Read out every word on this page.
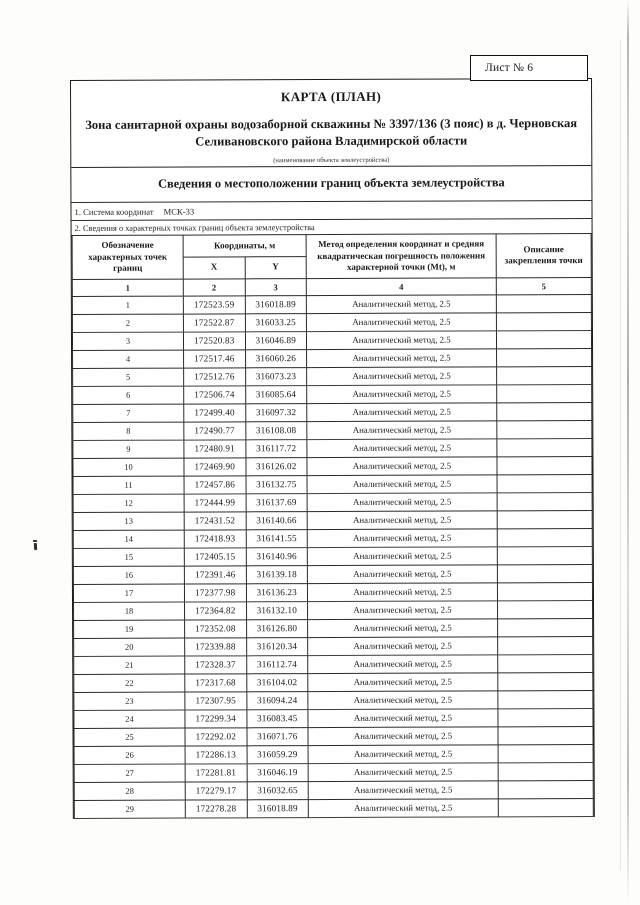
Лист № 6
КАРТА (ПЛАН)
Зона санитарной охраны водозаборной скважины № 3397/136 (3 пояс) в д. Черновская Селивановского района Владимирской области
(наименование объекта землеустройства)
Сведения о местоположении границ объекта землеустройства
1. Система координат МСК-33
2. Сведения о характерных точках границ объекта землеустройства
Обозначение характерных точек границ	Координаты, м		Метод определения координат и средняя квадратическая погрешность положения характерной точки (Мt), м	Описание закрепления точки
	X	Y		
1	2	3	4	5
1	172523.59	316018.89	Аналитический метод, 2.5	
2	172522.87	316033.25	Аналитический метод, 2.5	
3	172520.83	316046.89	Аналитический метод, 2.5	
4	172517.46	316060.26	Аналитический метод, 2.5	
5	172512.76	316073.23	Аналитический метод, 2.5	
6	172506.74	316085.64	Аналитический метод, 2.5	
7	172499.40	316097.32	Аналитический метод, 2.5	
8	172490.77	316108.08	Аналитический метод, 2.5	
9	172480.91	316117.72	Аналитический метод, 2.5	
10	172469.90	316126.02	Аналитический метод, 2.5	
11	172457.86	316132.75	Аналитический метод, 2.5	
12	172444.99	316137.69	Аналитический метод, 2.5	
13	172431.52	316140.66	Аналитический метод, 2.5	
14	172418.93	316141.55	Аналитический метод, 2.5	
15	172405.15	316140.96	Аналитический метод, 2.5	
16	172391.46	316139.18	Аналитический метод, 2.5	
17	172377.98	316136.23	Аналитический метод, 2.5	
18	172364.82	316132.10	Аналитический метод, 2.5	
19	172352.08	316126.80	Аналитический метод, 2.5	
20	172339.88	316120.34	Аналитический метод, 2.5	
21	172328.37	316112.74	Аналитический метод, 2.5	
22	172317.68	316104.02	Аналитический метод, 2.5	
23	172307.95	316094.24	Аналитический метод, 2.5	
24	172299.34	316083.45	Аналитический метод, 2.5	
25	172292.02	316071.76	Аналитический метод, 2.5	
26	172286.13	316059.29	Аналитический метод, 2.5	
27	172281.81	316046.19	Аналитический метод, 2.5	
28	172279.17	316032.65	Аналитический метод, 2.5	
29	172278.28	316018.89	Аналитический метод, 2.5	
